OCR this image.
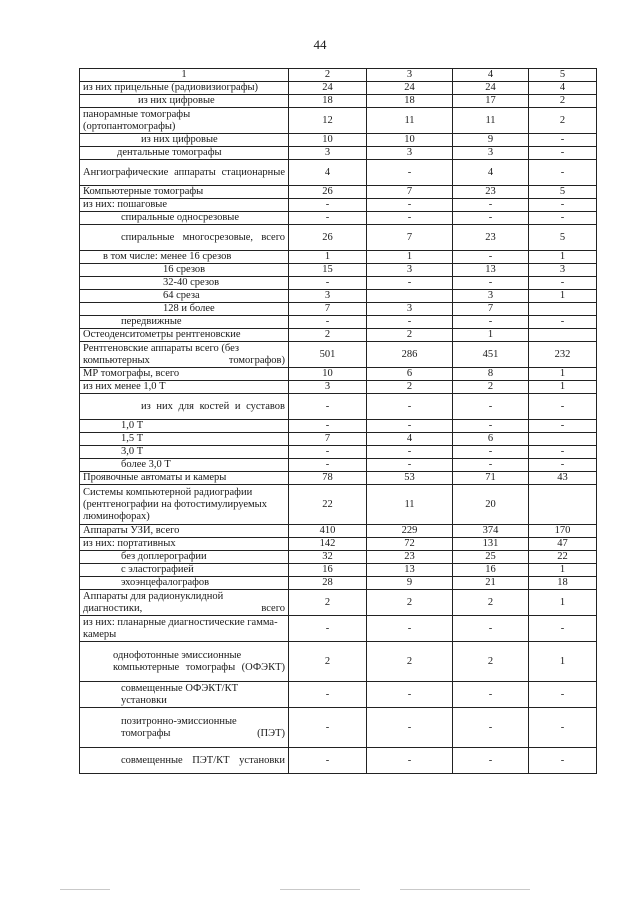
44
1	2	3	4	5
из них прицельные (радиовизиографы)	24	24	24	4
из них цифровые	18	18	17	2
панорамные томографы (ортопантомографы)	12	11	11	2
из них цифровые	10	10	9	-
дентальные томографы	3	3	3	-
Ангиографические аппараты стационарные	4	-	4	-
Компьютерные томографы	26	7	23	5
из них: пошаговые	-	-	-	-
спиральные односрезовые	-	-	-	-
спиральные многосрезовые, всего	26	7	23	5
в том числе: менее 16 срезов	1	1	-	1
16 срезов	15	3	13	3
32-40 срезов	-	-	-	-
64 среза	3		3	1
128 и более	7	3	7	
передвижные	-	-	-	-
Остеоденситометры рентгеновские	2	2	1	
Рентгеновские аппараты всего (без компьютерных томографов)	501	286	451	232
МР томографы, всего	10	6	8	1
из них менее 1,0 Т	3	2	2	1
из них для костей и суставов	-	-	-	-
1,0 Т	-	-	-	-
1,5 Т	7	4	6	
3,0 Т	-	-	-	-
более 3,0 Т	-	-	-	-
Проявочные автоматы и камеры	78	53	71	43
Системы компьютерной радиографии (рентгенографии на фотостимулируемых люминофорах)	22	11	20	
Аппараты УЗИ, всего	410	229	374	170
из них: портативных	142	72	131	47
без доплерографии	32	23	25	22
с эластографией	16	13	16	1
эхоэнцефалографов	28	9	21	18
Аппараты для радионуклидной диагностики, всего	2	2	2	1
из них: планарные диагностические гамма-камеры	-	-	-	-
однофотонные эмиссионные компьютерные томографы (ОФЭКТ)	2	2	2	1
совмещенные ОФЭКТ/КТ установки	-	-	-	-
позитронно-эмиссионные томографы (ПЭТ)	-	-	-	-
совмещенные ПЭТ/КТ установки	-	-	-	-
